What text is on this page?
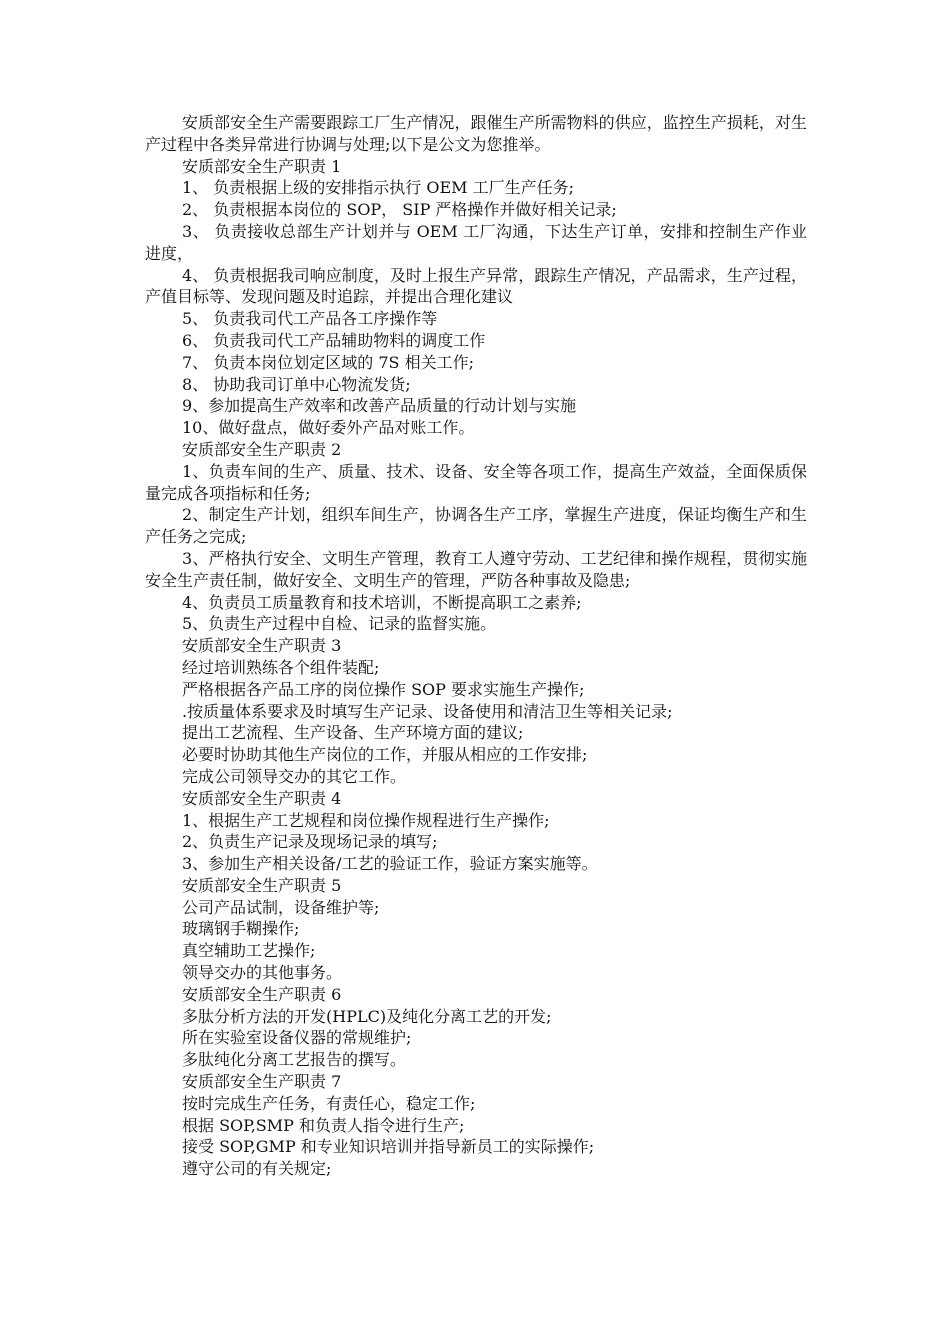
安质部安全生产需要跟踪工厂生产情况，跟催生产所需物料的供应，监控生产损耗，对生产过程中各类异常进行协调与处理;以下是公文为您推举。

安质部安全生产职责 1

1、 负责根据上级的安排指示执行 OEM 工厂生产任务;

2、 负责根据本岗位的 SOP， SIP 严格操作并做好相关记录;

3、 负责接收总部生产计划并与 OEM 工厂沟通，下达生产订单，安排和控制生产作业进度，

4、 负责根据我司响应制度，及时上报生产异常，跟踪生产情况，产品需求，生产过程，产值目标等、发现问题及时追踪，并提出合理化建议

5、 负责我司代工产品各工序操作等

6、 负责我司代工产品辅助物料的调度工作

7、 负责本岗位划定区域的 7S 相关工作;

8、 协助我司订单中心物流发货;

9、参加提高生产效率和改善产品质量的行动计划与实施

10、做好盘点，做好委外产品对账工作。

安质部安全生产职责 2

1、负责车间的生产、质量、技术、设备、安全等各项工作，提高生产效益，全面保质保量完成各项指标和任务;

2、制定生产计划，组织车间生产，协调各生产工序，掌握生产进度，保证均衡生产和生产任务之完成;

3、严格执行安全、文明生产管理，教育工人遵守劳动、工艺纪律和操作规程，贯彻实施安全生产责任制，做好安全、文明生产的管理，严防各种事故及隐患;

4、负责员工质量教育和技术培训，不断提高职工之素养;

5、负责生产过程中自检、记录的监督实施。

安质部安全生产职责 3

经过培训熟练各个组件装配;

严格根据各产品工序的岗位操作 SOP 要求实施生产操作;

.按质量体系要求及时填写生产记录、设备使用和清洁卫生等相关记录;

提出工艺流程、生产设备、生产环境方面的建议;

必要时协助其他生产岗位的工作，并服从相应的工作安排;

完成公司领导交办的其它工作。

安质部安全生产职责 4

1、根据生产工艺规程和岗位操作规程进行生产操作;

2、负责生产记录及现场记录的填写;

3、参加生产相关设备/工艺的验证工作，验证方案实施等。

安质部安全生产职责 5

公司产品试制，设备维护等;

玻璃钢手糊操作;

真空辅助工艺操作;

领导交办的其他事务。

安质部安全生产职责 6

多肽分析方法的开发(HPLC)及纯化分离工艺的开发;

所在实验室设备仪器的常规维护;

多肽纯化分离工艺报告的撰写。

安质部安全生产职责 7

按时完成生产任务，有责任心，稳定工作;

根据 SOP,SMP 和负责人指令进行生产;

接受 SOP,GMP 和专业知识培训并指导新员工的实际操作;

遵守公司的有关规定;
